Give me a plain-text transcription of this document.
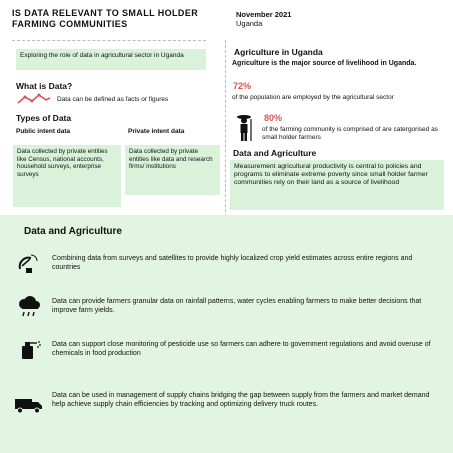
IS DATA RELEVANT TO SMALL HOLDER FARMING COMMUNITIES
November 2021
Uganda
Exploring the role of data in agricultural sector in Uganda
What is Data?
Data can be defined as facts or figures
Types of Data
Public intent data	Private intent data
Data collected by private entities like Census, national accounts, household surveys, enterprise surveys
Data collected by private entities like data and research firms/ institutions
Agriculture in Uganda
Agriculture is the major source of livelihood in Uganda.
72%
of the population are employed by the agricultural sector
80%
of the farming community is comprised of are catergorised as small holder farmers
Data and Agriculture
Measurement agricultural productivity is central to policies and programs to eliminate extreme poverty since small holder farmer communities rely on their land as a source of livelihood
Data and Agriculture
Combining data from surveys and satellites to provide highly localized crop yield estimates across entire regions and countries
Data can provide farmers granular data on rainfall patterns, water cycles enabling farmers to make better decisions that improve farm yields.
Data can support close monitoring of pesticide use so farmers can adhere to government regulations and avoid overuse of chemicals in food production
Data can be used in management of supply chains bridging the gap between supply from the farmers and market demand help achieve supply chain efficiencies by tracking and optimizing delivery truck routes.
